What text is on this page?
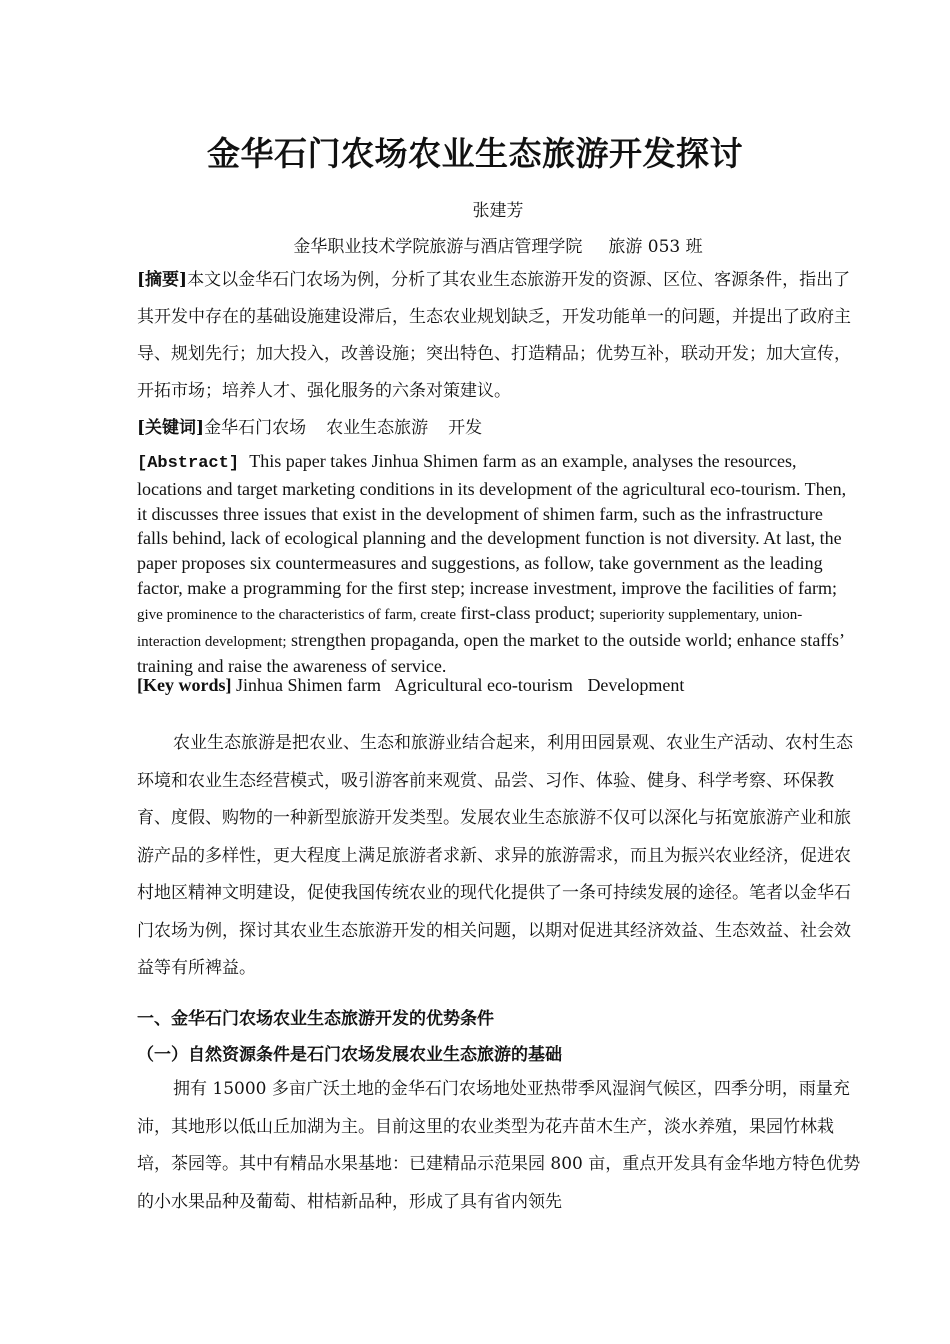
金华石门农场农业生态旅游开发探讨
张建芳
金华职业技术学院旅游与酒店管理学院 旅游 053 班
[摘要]本文以金华石门农场为例，分析了其农业生态旅游开发的资源、区位、客源条件，指出了其开发中存在的基础设施建设滞后，生态农业规划缺乏，开发功能单一的问题，并提出了政府主导、规划先行；加大投入，改善设施；突出特色、打造精品；优势互补，联动开发；加大宣传，开拓市场；培养人才、强化服务的六条对策建议。
[关键词]金华石门农场 农业生态旅游 开发
[Abstract] This paper takes Jinhua Shimen farm as an example, analyses the resources, locations and target marketing conditions in its development of the agricultural eco-tourism. Then, it discusses three issues that exist in the development of shimen farm, such as the infrastructure falls behind, lack of ecological planning and the development function is not diversity. At last, the paper proposes six countermeasures and suggestions, as follow, take government as the leading factor, make a programming for the first step; increase investment, improve the facilities of farm; give prominence to the characteristics of farm, create first-class product; superiority supplementary, union-interaction development; strengthen propaganda, open the market to the outside world; enhance staffs’ training and raise the awareness of service.
[Key words] Jinhua Shimen farm Agricultural eco-tourism Development
农业生态旅游是把农业、生态和旅游业结合起来，利用田园景观、农业生产活动、农村生态环境和农业生态经营模式，吸引游客前来观赏、品尝、习作、体验、健身、科学考察、环保教育、度假、购物的一种新型旅游开发类型。发展农业生态旅游不仅可以深化与拓宽旅游产业和旅游产品的多样性，更大程度上满足旅游者求新、求异的旅游需求，而且为振兴农业经济，促进农村地区精神文明建设，促使我国传统农业的现代化提供了一条可持续发展的途径。笔者以金华石门农场为例，探讨其农业生态旅游开发的相关问题，以期对促进其经济效益、生态效益、社会效益等有所裨益。
一、金华石门农场农业生态旅游开发的优势条件
（一）自然资源条件是石门农场发展农业生态旅游的基础
拥有 15000 多亩广沃土地的金华石门农场地处亚热带季风湿润气候区，四季分明，雨量充沛，其地形以低山丘加湖为主。目前这里的农业类型为花卉苗木生产，淡水养殖，果园竹林栽培，茶园等。其中有精品水果基地：已建精品示范果园 800 亩，重点开发具有金华地方特色优势的小水果品种及葡萄、柑桔新品种，形成了具有省内领先
